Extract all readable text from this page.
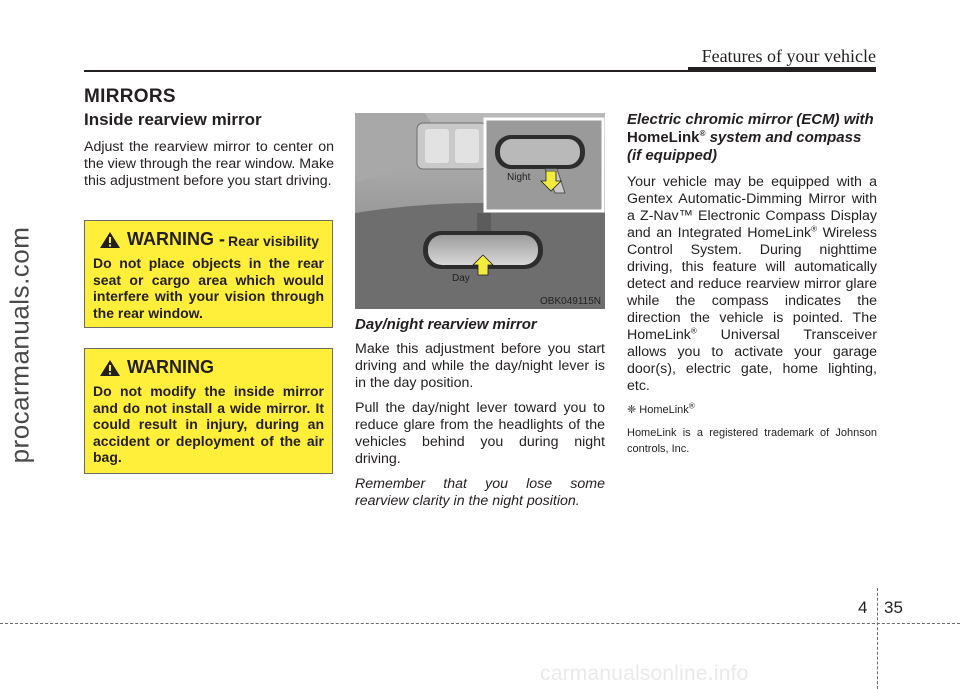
Features of your vehicle
procarmanuals.com
MIRRORS
Inside rearview mirror
Adjust the rearview mirror to center on the view through the rear window. Make this adjustment before you start driving.
WARNING - Rear visibility
Do not place objects in the rear seat or cargo area which would interfere with your vision through the rear window.
WARNING
Do not modify the inside mirror and do not install a wide mirror. It could result in injury, during an accident or deployment of the air bag.
Night
Day
OBK049115N
Day/night rearview mirror
Make this adjustment before you start driving and while the day/night lever is in the day position.
Pull the day/night lever toward you to reduce glare from the headlights of the vehicles behind you during night driving.
Remember that you lose some rearview clarity in the night position.
Electric chromic mirror (ECM) with HomeLink® system and compass (if equipped)
Your vehicle may be equipped with a Gentex Automatic-Dimming Mirror with a Z-Nav™ Electronic Compass Display and an Integrated HomeLink® Wireless Control System. During nighttime driving, this feature will automatically detect and reduce rearview mirror glare while the compass indicates the direction the vehicle is pointed. The HomeLink® Universal Transceiver allows you to activate your garage door(s), electric gate, home lighting, etc.
❈ HomeLink®
HomeLink is a registered trademark of Johnson controls, Inc.
4 35
carmanualsonline.info
